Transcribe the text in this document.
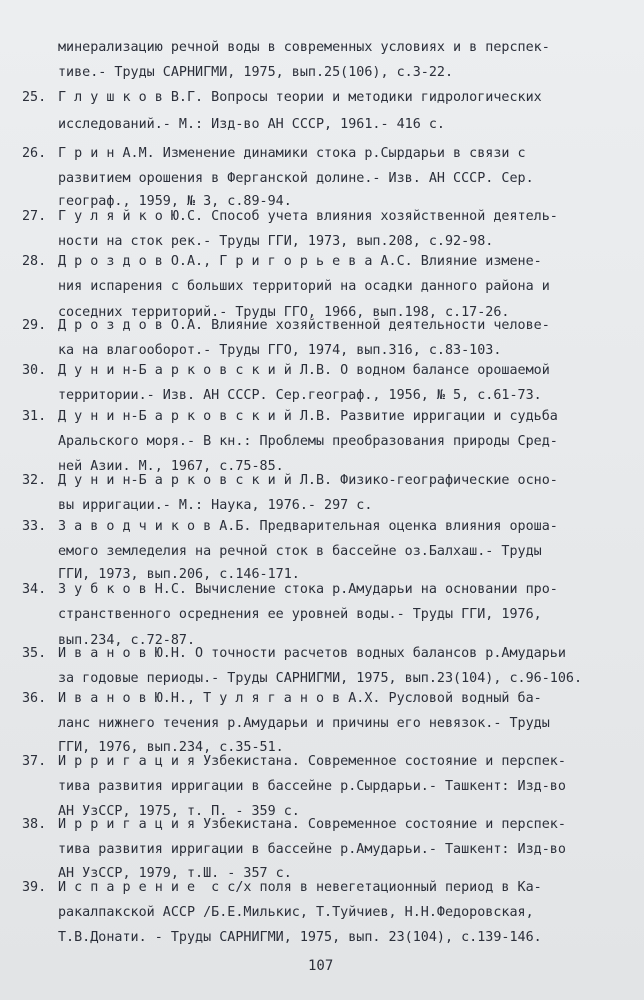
минерализацию речной воды в современных условиях и в перспек-
тиве.- Труды САРНИГМИ, 1975, вып.25(106), с.3-22.
25. Г л у ш к о в В.Г. Вопросы теории и методики гидрологических
исследований.- М.: Изд-во АН СССР, 1961.- 416 с.
26. Г р и н А.М. Изменение динамики стока р.Сырдарьи в связи с
развитием орошения в Ферганской долине.- Изв. АН СССР. Сер.
географ., 1959, № 3, с.89-94.
27. Г у л я й к о Ю.С. Способ учета влияния хозяйственной деятель-
ности на сток рек.- Труды ГГИ, 1973, вып.208, с.92-98.
28. Д р о з д о в О.А., Г р и г о р ь е в а А.С. Влияние измене-
ния испарения с больших территорий на осадки данного района и
соседних территорий.- Труды ГГО, 1966, вып.198, с.17-26.
29. Д р о з д о в О.А. Влияние хозяйственной деятельности челове-
ка на влагооборот.- Труды ГГО, 1974, вып.316, с.83-103.
30. Д у н и н-Б а р к о в с к и й Л.В. О водном балансе орошаемой
территории.- Изв. АН СССР. Сер.географ., 1956, № 5, с.61-73.
31. Д у н и н-Б а р к о в с к и й Л.В. Развитие ирригации и судьба
Аральского моря.- В кн.: Проблемы преобразования природы Сред-
ней Азии. М., 1967, с.75-85.
32. Д у н и н-Б а р к о в с к и й Л.В. Физико-географические осно-
вы ирригации.- М.: Наука, 1976.- 297 с.
33. З а в о д ч и к о в А.Б. Предварительная оценка влияния ороша-
емого земледелия на речной сток в бассейне оз.Балхаш.- Труды
ГГИ, 1973, вып.206, с.146-171.
34. З у б к о в Н.С. Вычисление стока р.Амударьи на основании про-
странственного осреднения ее уровней воды.- Труды ГГИ, 1976,
вып.234, с.72-87.
35. И в а н о в Ю.Н. О точности расчетов водных балансов р.Амударьи
за годовые периоды.- Труды САРНИГМИ, 1975, вып.23(104), с.96-106.
36. И в а н о в Ю.Н., Т у л я г а н о в А.Х. Русловой водный ба-
ланс нижнего течения р.Амударьи и причины его невязок.- Труды
ГГИ, 1976, вып.234, с.35-51.
37. И р р и г а ц и я Узбекистана. Современное состояние и перспек-
тива развития ирригации в бассейне р.Сырдарьи.- Ташкент: Изд-во
АН УзССР, 1975, т. П. - 359 с.
38. И р р и г а ц и я Узбекистана. Современное состояние и перспек-
тива развития ирригации в бассейне р.Амударьи.- Ташкент: Изд-во
АН УзССР, 1979, т.Ш. - 357 с.
39. И с п а р е н и е  с с/х поля в невегетационный период в Ка-
ракалпакской АССР /Б.Е.Милькис, Т.Туйчиев, Н.Н.Федоровская,
Т.В.Донати. - Труды САРНИГМИ, 1975, вып. 23(104), с.139-146.
107
